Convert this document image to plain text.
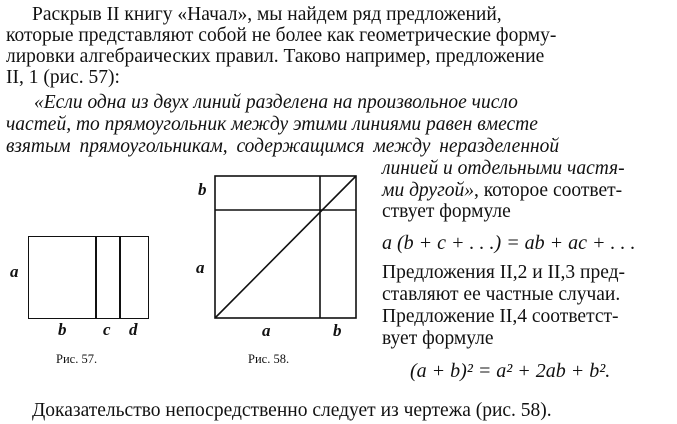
Раскрыв II книгу «Начал», мы найдем ряд предложений,
которые представляют собой не более как геометрические форму-
лировки алгебраических правил. Таково например, предложение
II, 1 (рис. 57):
«Если одна из двух линий разделена на произвольное число
частей, то прямоугольник между этими линиями равен вместе
взятым прямоугольникам, содержащимся между неразделенной
линией и отдельными частя-
ми другой», которое соответ-
ствует формуле
a (b + c + . . .) = ab + ac + . . .
Предложения II,2 и II,3 пред-
ставляют ее частные случаи.
Предложение II,4 соответст-
вует формуле
(a + b)² = a² + 2ab + b².
a
b c d
Рис. 57.
b
a
a	b
Рис. 58.
Доказательство непосредственно следует из чертежа (рис. 58).
